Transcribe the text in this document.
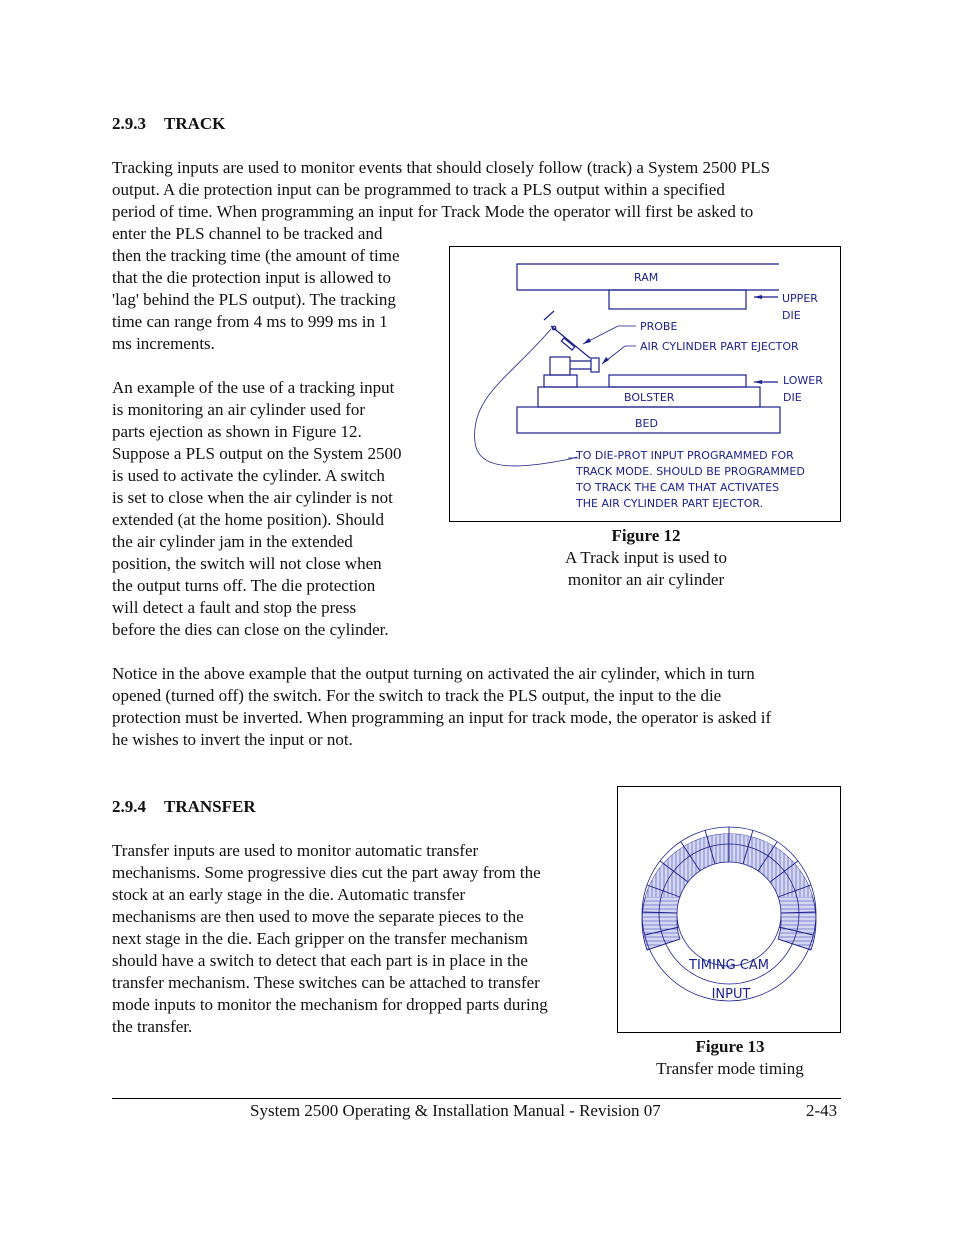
2.9.3 TRACK
Tracking inputs are used to monitor events that should closely follow (track) a System 2500 PLS
output. A die protection input can be programmed to track a PLS output within a specified
period of time. When programming an input for Track Mode the operator will first be asked to
enter the PLS channel to be tracked and
then the tracking time (the amount of time
that the die protection input is allowed to
'lag' behind the PLS output). The tracking
time can range from 4 ms to 999 ms in 1
ms increments.
An example of the use of a tracking input
is monitoring an air cylinder used for
parts ejection as shown in Figure 12.
Suppose a PLS output on the System 2500
is used to activate the cylinder. A switch
is set to close when the air cylinder is not
extended (at the home position). Should
the air cylinder jam in the extended
position, the switch will not close when
the output turns off. The die protection
will detect a fault and stop the press
before the dies can close on the cylinder.
RAM
UPPER
DIE
PROBE
AIR CYLINDER PART EJECTOR
LOWER
DIE
BOLSTER
BED
TO DIE-PROT INPUT PROGRAMMED FOR
TRACK MODE. SHOULD BE PROGRAMMED
TO TRACK THE CAM THAT ACTIVATES
THE AIR CYLINDER PART EJECTOR.
Figure 12
A Track input is used to
monitor an air cylinder
Notice in the above example that the output turning on activated the air cylinder, which in turn
opened (turned off) the switch. For the switch to track the PLS output, the input to the die
protection must be inverted. When programming an input for track mode, the operator is asked if
he wishes to invert the input or not.
2.9.4 TRANSFER
Transfer inputs are used to monitor automatic transfer
mechanisms. Some progressive dies cut the part away from the
stock at an early stage in the die. Automatic transfer
mechanisms are then used to move the separate pieces to the
next stage in the die. Each gripper on the transfer mechanism
should have a switch to detect that each part is in place in the
transfer mechanism. These switches can be attached to transfer
mode inputs to monitor the mechanism for dropped parts during
the transfer.
TIMING CAM
INPUT
Figure 13
Transfer mode timing
System 2500 Operating & Installation Manual - Revision 07	2-43
